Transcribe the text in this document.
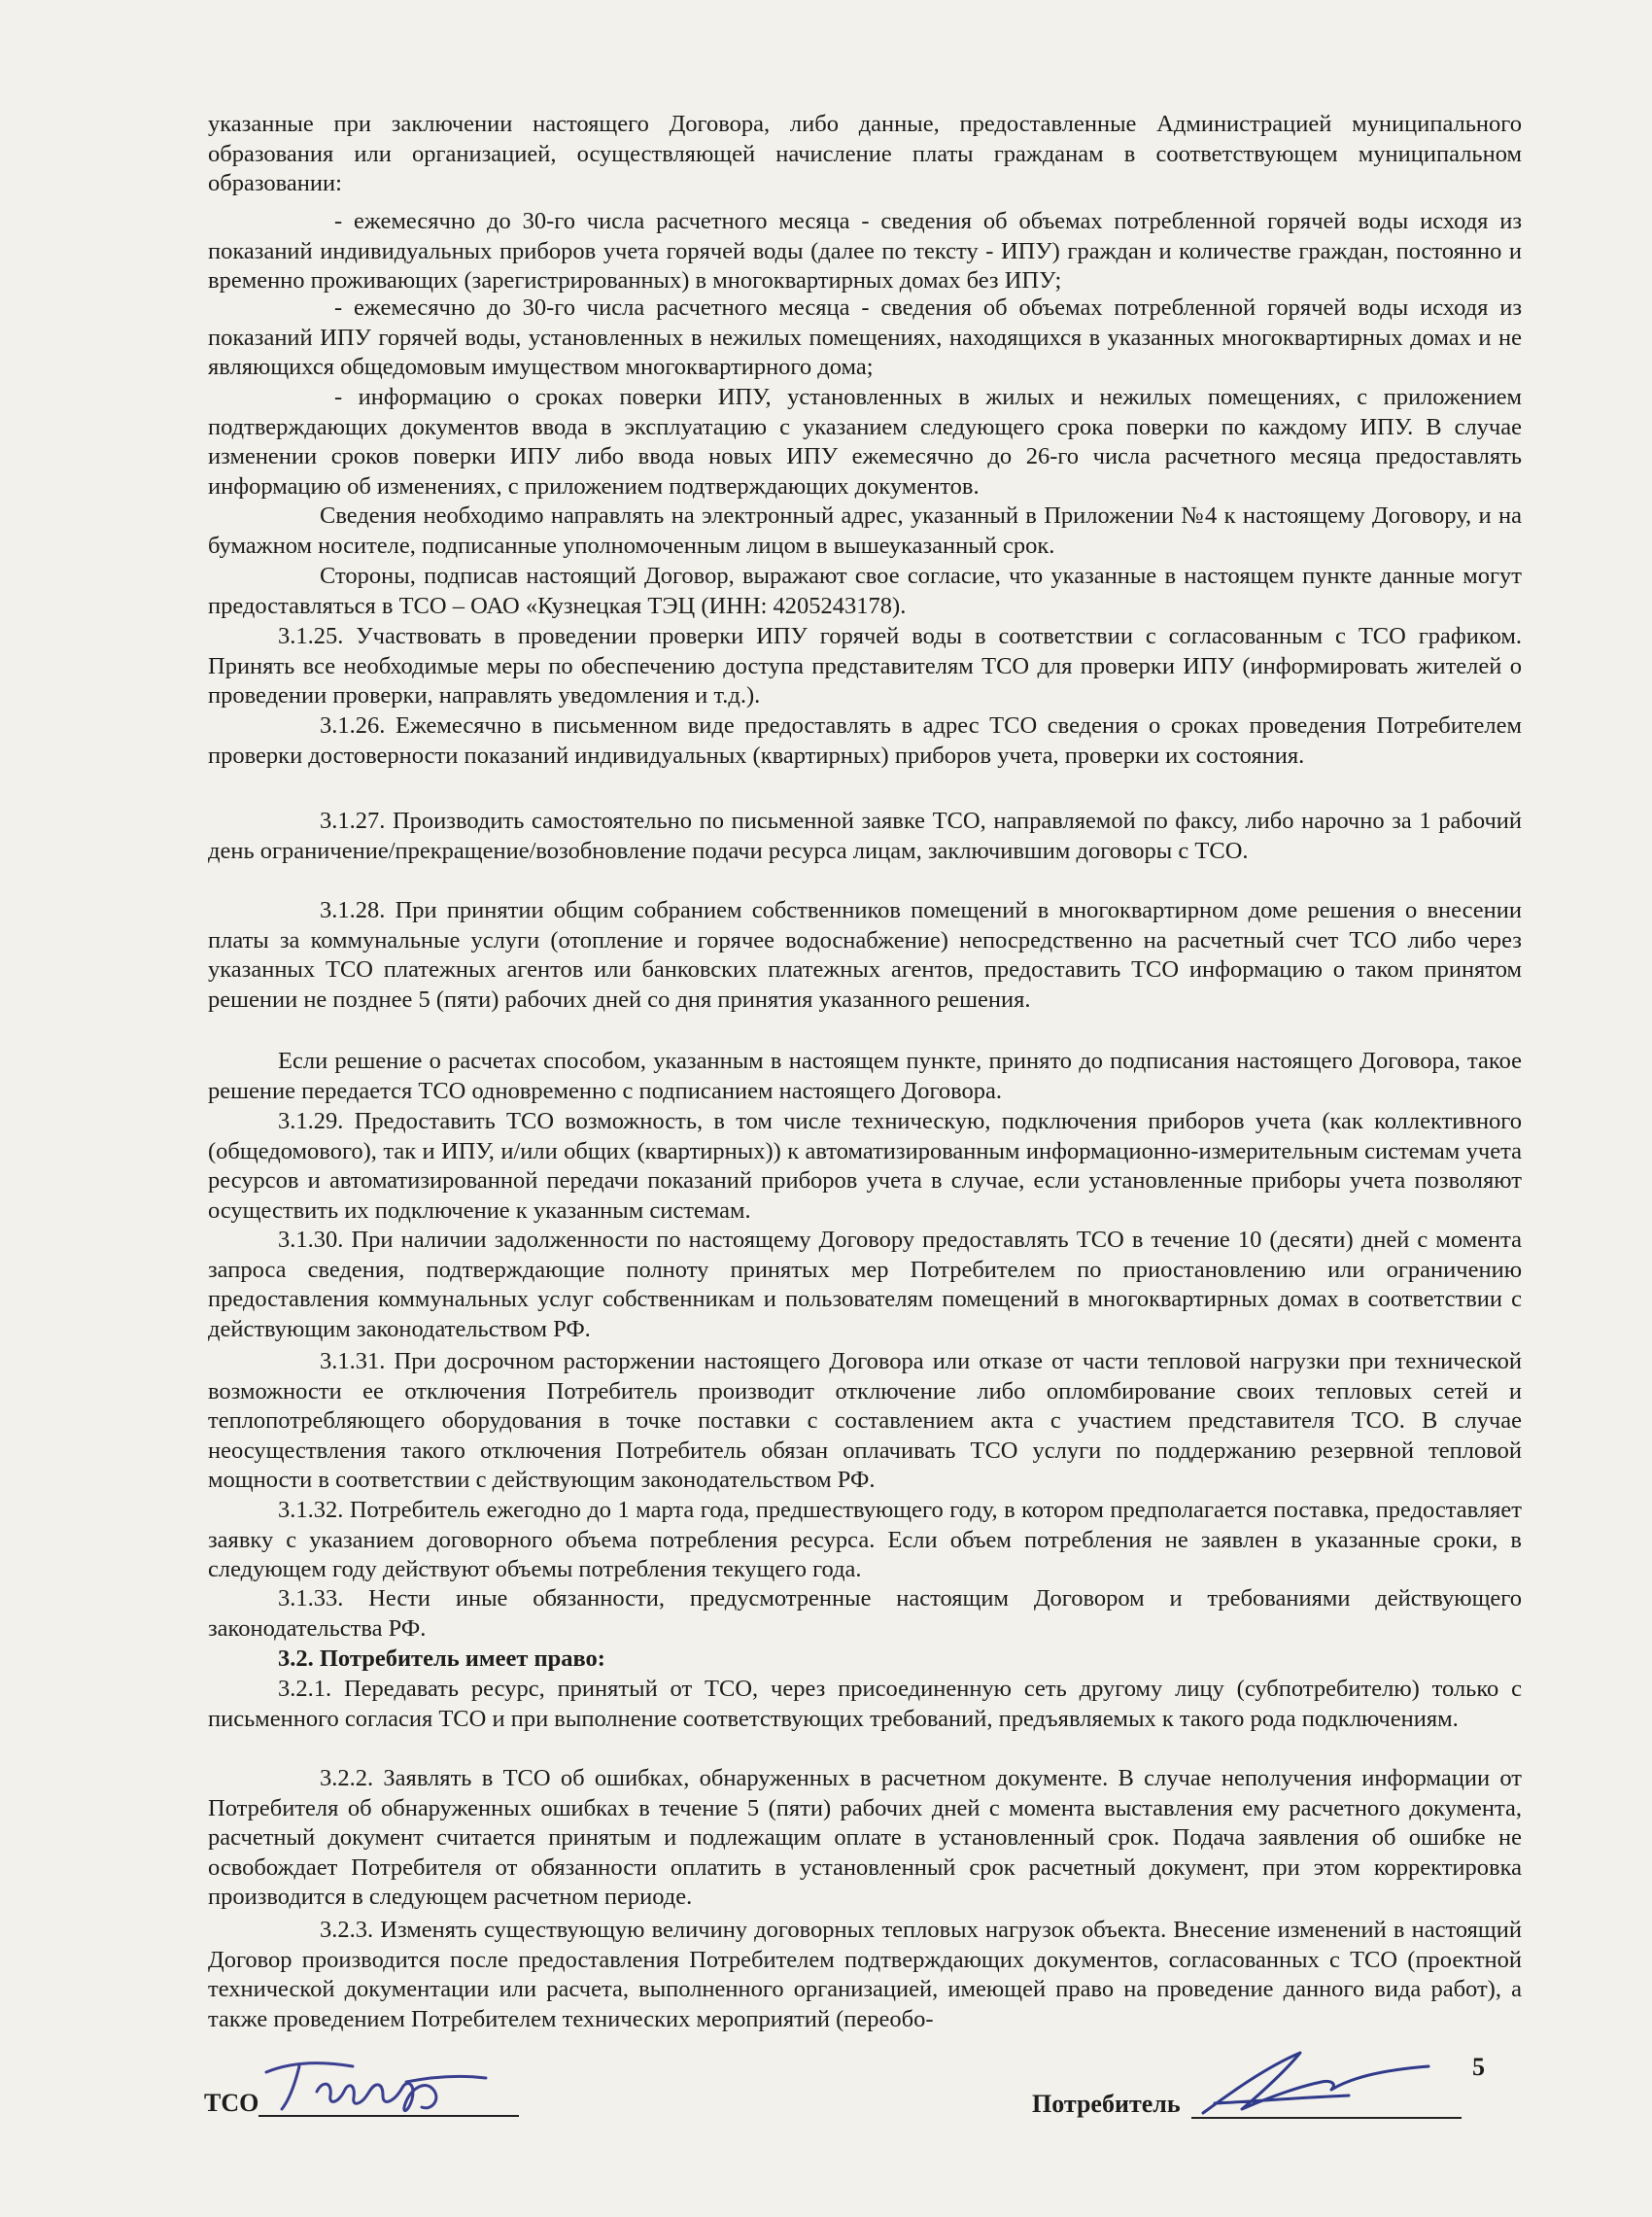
указанные при заключении настоящего Договора, либо данные, предоставленные Администрацией муниципального образования или организацией, осуществляющей начисление платы гражданам в соответствующем муниципальном образовании:

- ежемесячно до 30-го числа расчетного месяца - сведения об объемах потребленной горячей воды исходя из показаний индивидуальных приборов учета горячей воды (далее по тексту - ИПУ) граждан и количестве граждан, постоянно и временно проживающих (зарегистрированных) в многоквартирных домах без ИПУ;

- ежемесячно до 30-го числа расчетного месяца - сведения об объемах потребленной горячей воды исходя из показаний ИПУ горячей воды, установленных в нежилых помещениях, находящихся в указанных многоквартирных домах и не являющихся общедомовым имуществом многоквартирного дома;

- информацию о сроках поверки ИПУ, установленных в жилых и нежилых помещениях, с приложением подтверждающих документов ввода в эксплуатацию с указанием следующего срока поверки по каждому ИПУ. В случае изменении сроков поверки ИПУ либо ввода новых ИПУ ежемесячно до 26-го числа расчетного месяца предоставлять информацию об изменениях, с приложением подтверждающих документов.

Сведения необходимо направлять на электронный адрес, указанный в Приложении №4 к настоящему Договору, и на бумажном носителе, подписанные уполномоченным лицом в вышеуказанный срок.

Стороны, подписав настоящий Договор, выражают свое согласие, что указанные в настоящем пункте данные могут предоставляться в ТСО – ОАО «Кузнецкая ТЭЦ (ИНН: 4205243178).

3.1.25. Участвовать в проведении проверки ИПУ горячей воды в соответствии с согласованным с ТСО графиком. Принять все необходимые меры по обеспечению доступа представителям ТСО для проверки ИПУ (информировать жителей о проведении проверки, направлять уведомления и т.д.).

3.1.26. Ежемесячно в письменном виде предоставлять в адрес ТСО сведения о сроках проведения Потребителем проверки достоверности показаний индивидуальных (квартирных) приборов учета, проверки их состояния.

3.1.27. Производить самостоятельно по письменной заявке ТСО, направляемой по факсу, либо нарочно за 1 рабочий день ограничение/прекращение/возобновление подачи ресурса лицам, заключившим договоры с ТСО.

3.1.28. При принятии общим собранием собственников помещений в многоквартирном доме решения о внесении платы за коммунальные услуги (отопление и горячее водоснабжение) непосредственно на расчетный счет ТСО либо через указанных ТСО платежных агентов или банковских платежных агентов, предоставить ТСО информацию о таком принятом решении не позднее 5 (пяти) рабочих дней со дня принятия указанного решения.

Если решение о расчетах способом, указанным в настоящем пункте, принято до подписания настоящего Договора, такое решение передается ТСО одновременно с подписанием настоящего Договора.

3.1.29. Предоставить ТСО возможность, в том числе техническую, подключения приборов учета (как коллективного (общедомового), так и ИПУ, и/или общих (квартирных)) к автоматизированным информационно-измерительным системам учета ресурсов и автоматизированной передачи показаний приборов учета в случае, если установленные приборы учета позволяют осуществить их подключение к указанным системам.

3.1.30. При наличии задолженности по настоящему Договору предоставлять ТСО в течение 10 (десяти) дней с момента запроса сведения, подтверждающие полноту принятых мер Потребителем по приостановлению или ограничению предоставления коммунальных услуг собственникам и пользователям помещений в многоквартирных домах в соответствии с действующим законодательством РФ.

3.1.31. При досрочном расторжении настоящего Договора или отказе от части тепловой нагрузки при технической возможности ее отключения Потребитель производит отключение либо опломбирование своих тепловых сетей и теплопотребляющего оборудования в точке поставки с составлением акта с участием представителя ТСО. В случае неосуществления такого отключения Потребитель обязан оплачивать ТСО услуги по поддержанию резервной тепловой мощности в соответствии с действующим законодательством РФ.

3.1.32. Потребитель ежегодно до 1 марта года, предшествующего году, в котором предполагается поставка, предоставляет заявку с указанием договорного объема потребления ресурса. Если объем потребления не заявлен в указанные сроки, в следующем году действуют объемы потребления текущего года.

3.1.33. Нести иные обязанности, предусмотренные настоящим Договором и требованиями действующего законодательства РФ.

3.2. Потребитель имеет право:

3.2.1. Передавать ресурс, принятый от ТСО, через присоединенную сеть другому лицу (субпотребителю) только с письменного согласия ТСО и при выполнение соответствующих требований, предъявляемых к такого рода подключениям.

3.2.2. Заявлять в ТСО об ошибках, обнаруженных в расчетном документе. В случае неполучения информации от Потребителя об обнаруженных ошибках в течение 5 (пяти) рабочих дней с момента выставления ему расчетного документа, расчетный документ считается принятым и подлежащим оплате в установленный срок. Подача заявления об ошибке не освобождает Потребителя от обязанности оплатить в установленный срок расчетный документ, при этом корректировка производится в следующем расчетном периоде.

3.2.3. Изменять существующую величину договорных тепловых нагрузок объекта. Внесение изменений в настоящий Договор производится после предоставления Потребителем подтверждающих документов, согласованных с ТСО (проектной технической документации или расчета, выполненного организацией, имеющей право на проведение данного вида работ), а также проведением Потребителем технических мероприятий (переобо-

ТСО	Потребитель
5
